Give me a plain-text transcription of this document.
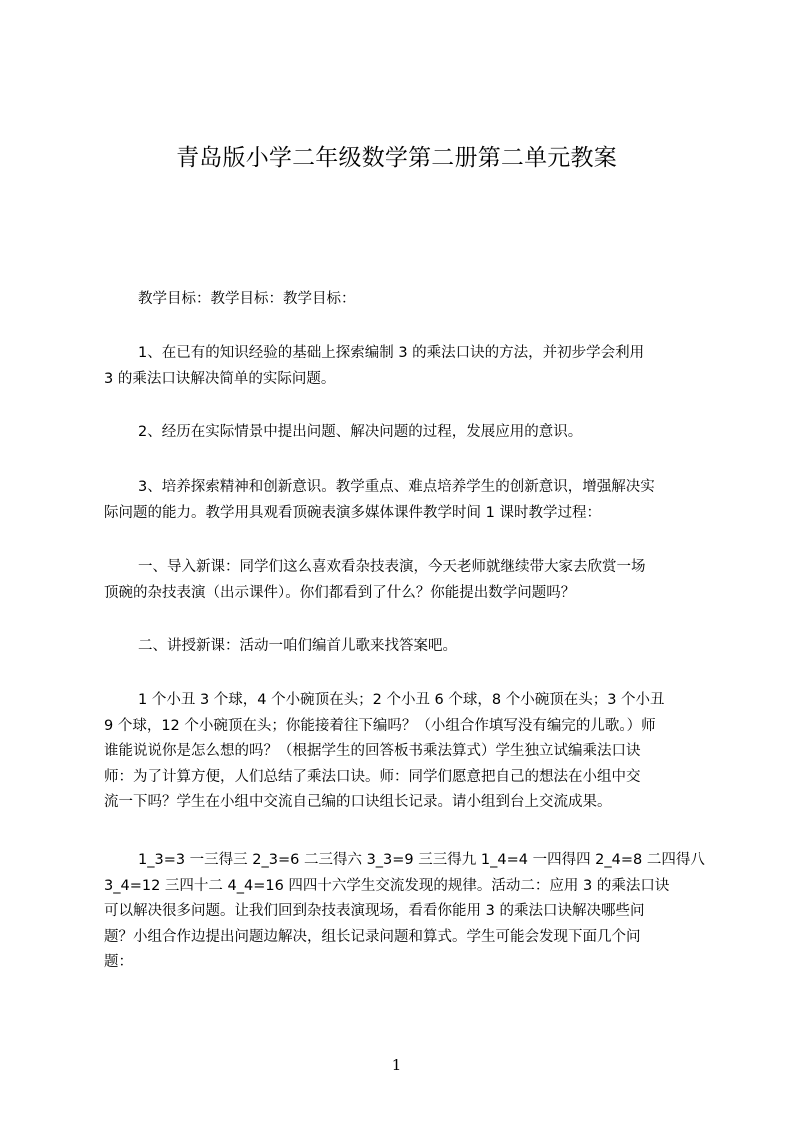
青岛版小学二年级数学第二册第二单元教案
教学目标：教学目标：教学目标：
1、在已有的知识经验的基础上探索编制 3 的乘法口诀的方法，并初步学会利用
3 的乘法口诀解决简单的实际问题。
2、经历在实际情景中提出问题、解决问题的过程，发展应用的意识。
3、培养探索精神和创新意识。教学重点、难点培养学生的创新意识，增强解决实
际问题的能力。教学用具观看顶碗表演多媒体课件教学时间 1 课时教学过程：
一、导入新课：同学们这么喜欢看杂技表演，今天老师就继续带大家去欣赏一场
顶碗的杂技表演（出示课件）。你们都看到了什么？你能提出数学问题吗？
二、讲授新课：活动一咱们编首儿歌来找答案吧。
1 个小丑 3 个球，4 个小碗顶在头；2 个小丑 6 个球，8 个小碗顶在头；3 个小丑
9 个球，12 个小碗顶在头；你能接着往下编吗？（小组合作填写没有编完的儿歌。）师
谁能说说你是怎么想的吗？（根据学生的回答板书乘法算式）学生独立试编乘法口诀
师：为了计算方便，人们总结了乘法口诀。师：同学们愿意把自己的想法在小组中交
流一下吗？学生在小组中交流自己编的口诀组长记录。请小组到台上交流成果。
1_3=3 一三得三 2_3=6 二三得六 3_3=9 三三得九 1_4=4 一四得四 2_4=8 二四得八
3_4=12 三四十二 4_4=16 四四十六学生交流发现的规律。活动二：应用 3 的乘法口诀
可以解决很多问题。让我们回到杂技表演现场，看看你能用 3 的乘法口诀解决哪些问
题？小组合作边提出问题边解决，组长记录问题和算式。学生可能会发现下面几个问
题：
1
